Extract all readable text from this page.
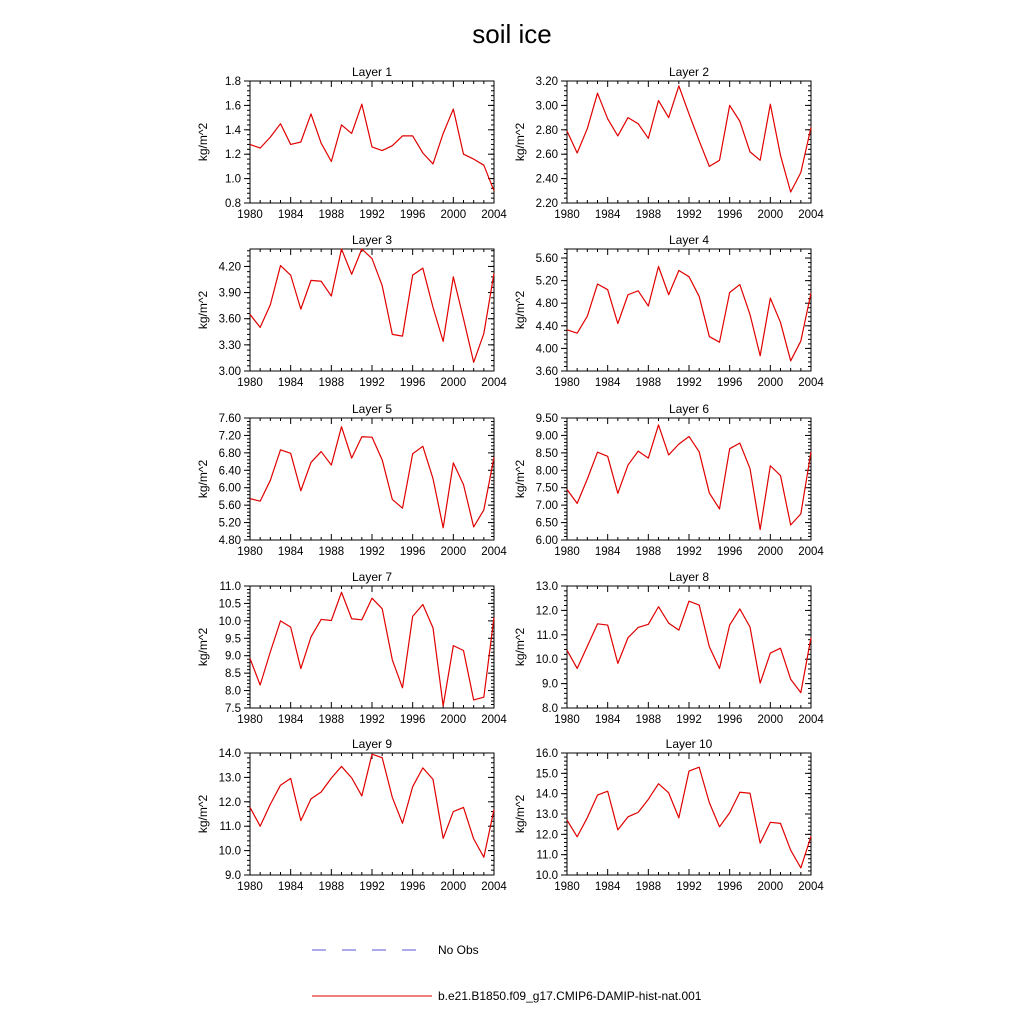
soil ice
Layer 1
1980 1984 1988 1992 1996 2000 2004
0.8
1.0
1.2
1.4
1.6
1.8
kg/m^2
Layer 2
1980 1984 1988 1992 1996 2000 2004
2.20
2.40
2.60
2.80
3.00
3.20
kg/m^2
Layer 3
1980 1984 1988 1992 1996 2000 2004
3.00
3.30
3.60
3.90
4.20
kg/m^2
Layer 4
1980 1984 1988 1992 1996 2000 2004
3.60
4.00
4.40
4.80
5.20
5.60
kg/m^2
Layer 5
1980 1984 1988 1992 1996 2000 2004
4.80
5.20
5.60
6.00
6.40
6.80
7.20
7.60
kg/m^2
Layer 6
1980 1984 1988 1992 1996 2000 2004
6.00
6.50
7.00
7.50
8.00
8.50
9.00
9.50
kg/m^2
Layer 7
1980 1984 1988 1992 1996 2000 2004
7.5
8.0
8.5
9.0
9.5
10.0
10.5
11.0
kg/m^2
Layer 8
1980 1984 1988 1992 1996 2000 2004
8.0
9.0
10.0
11.0
12.0
13.0
kg/m^2
Layer 9
1980 1984 1988 1992 1996 2000 2004
9.0
10.0
11.0
12.0
13.0
14.0
kg/m^2
Layer 10
1980 1984 1988 1992 1996 2000 2004
10.0
11.0
12.0
13.0
14.0
15.0
16.0
kg/m^2
No Obs
b.e21.B1850.f09_g17.CMIP6-DAMIP-hist-nat.001
